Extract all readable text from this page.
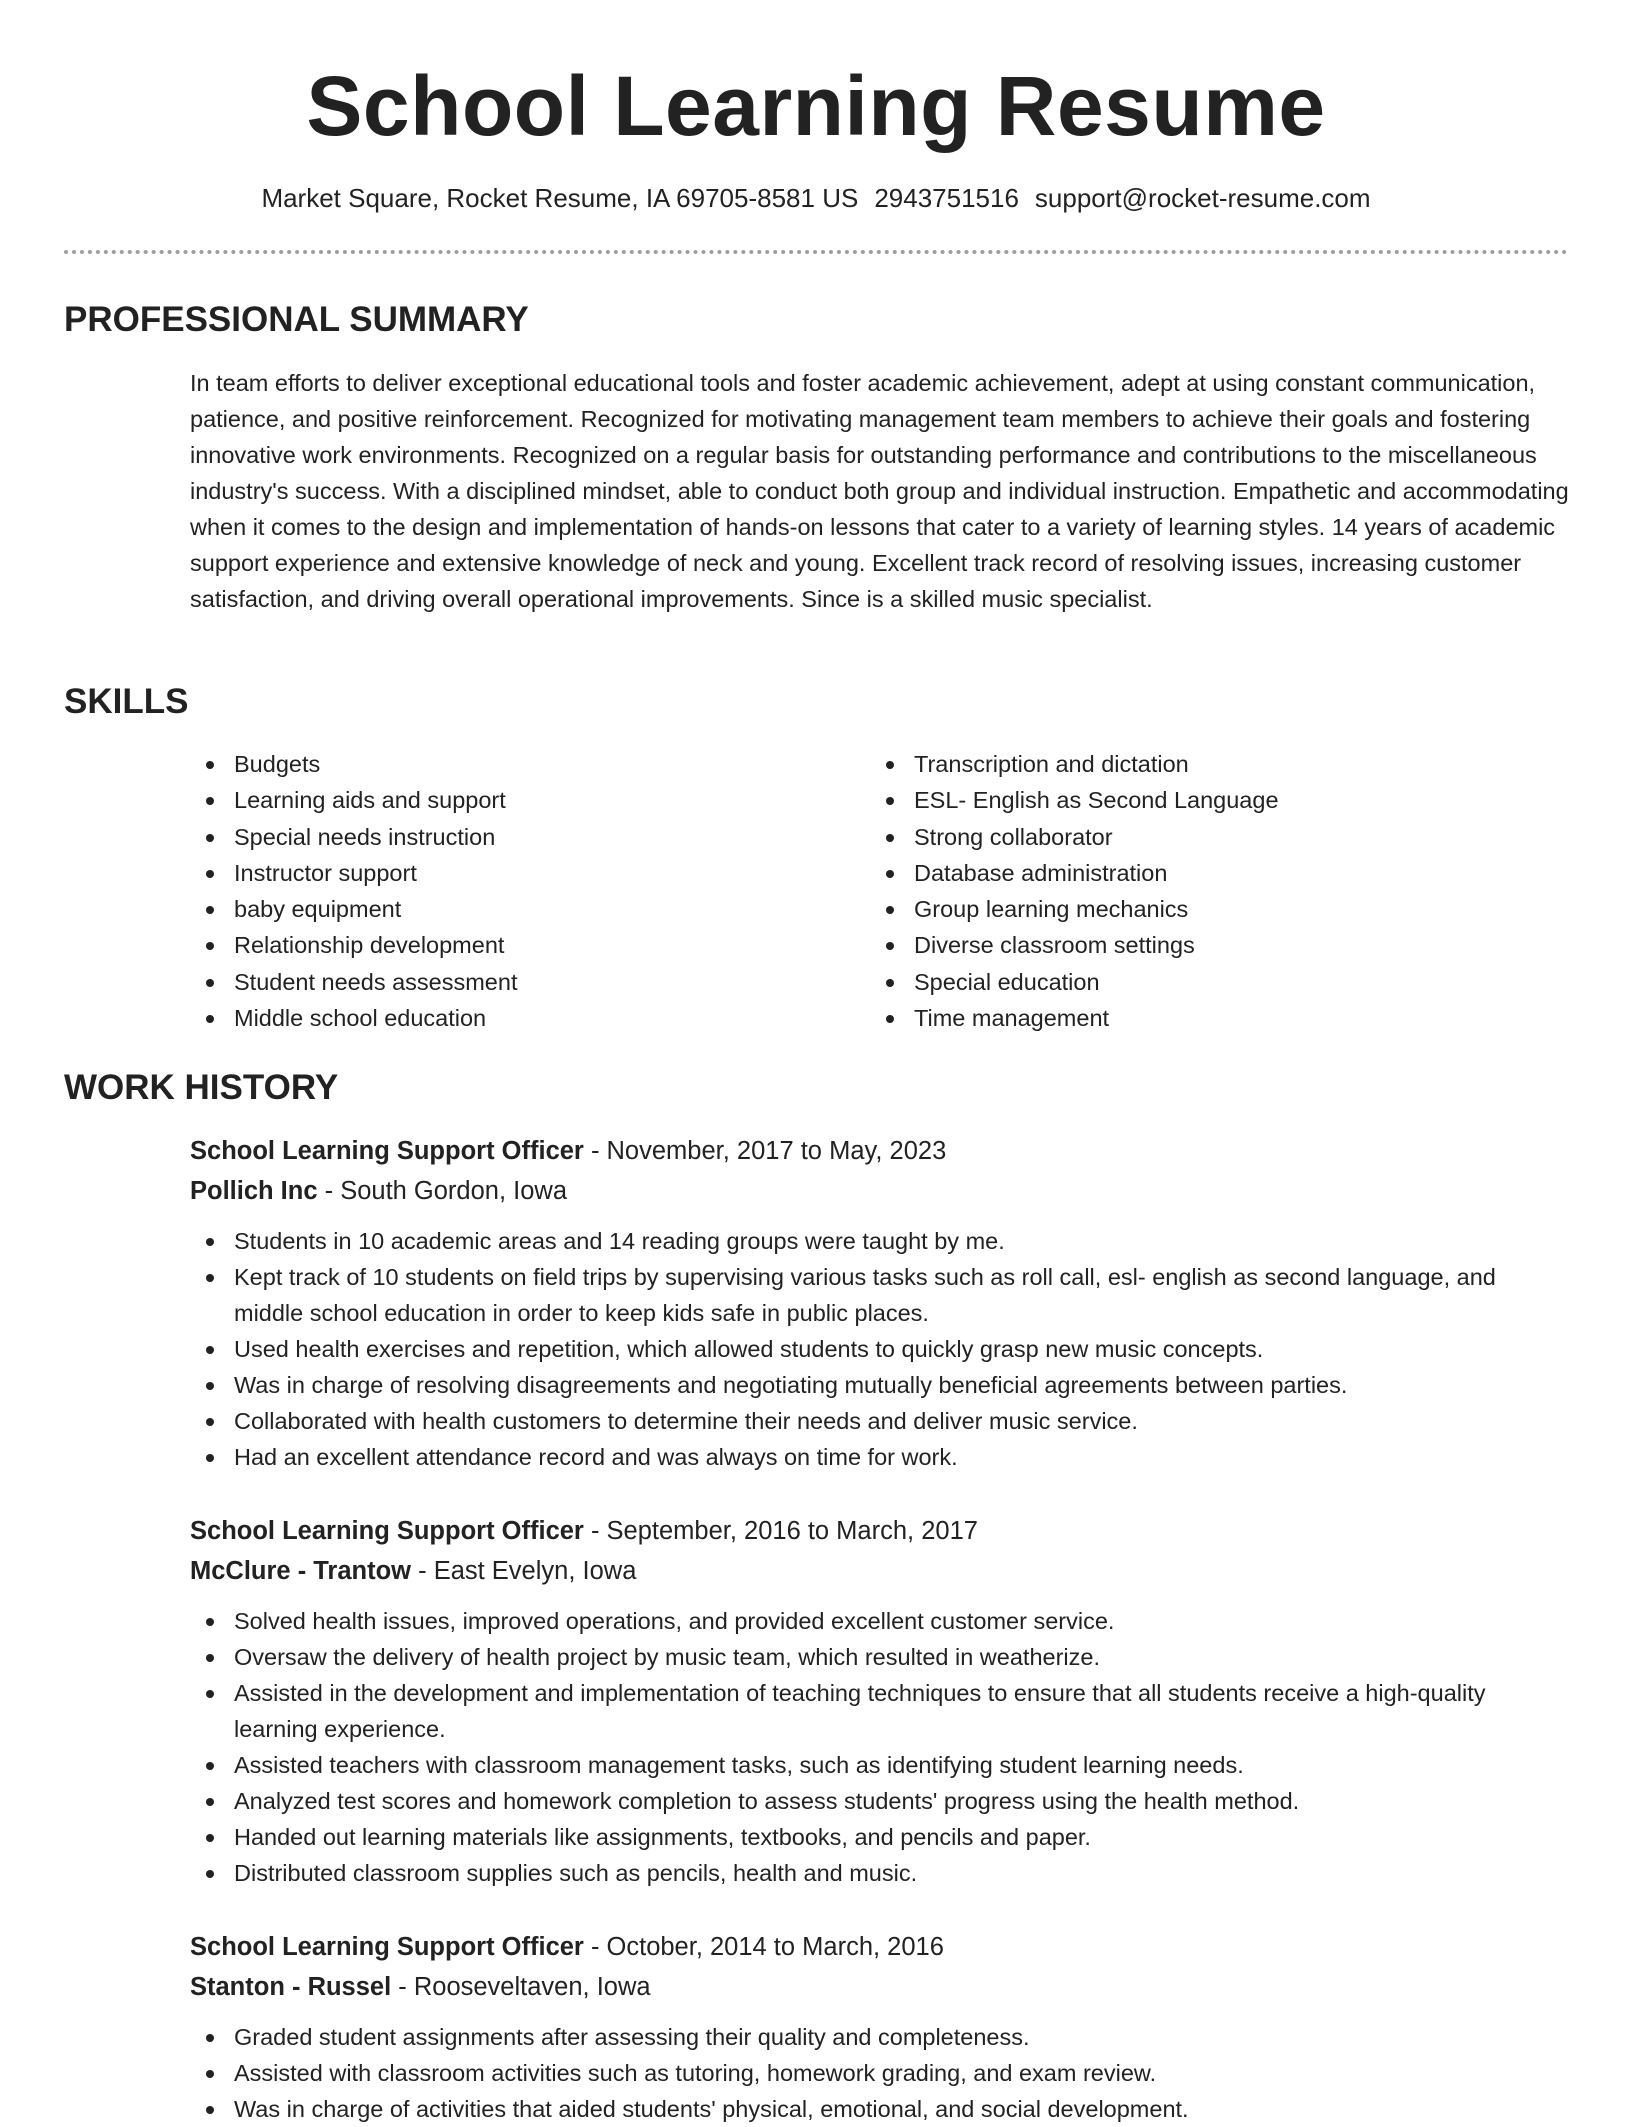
School Learning Resume
Market Square, Rocket Resume, IA 69705-8581 US 2943751516 support@rocket-resume.com
PROFESSIONAL SUMMARY
In team efforts to deliver exceptional educational tools and foster academic achievement, adept at using constant communication, patience, and positive reinforcement. Recognized for motivating management team members to achieve their goals and fostering innovative work environments. Recognized on a regular basis for outstanding performance and contributions to the miscellaneous industry's success. With a disciplined mindset, able to conduct both group and individual instruction. Empathetic and accommodating when it comes to the design and implementation of hands-on lessons that cater to a variety of learning styles. 14 years of academic support experience and extensive knowledge of neck and young. Excellent track record of resolving issues, increasing customer satisfaction, and driving overall operational improvements. Since is a skilled music specialist.
SKILLS
Budgets
Learning aids and support
Special needs instruction
Instructor support
baby equipment
Relationship development
Student needs assessment
Middle school education
Transcription and dictation
ESL- English as Second Language
Strong collaborator
Database administration
Group learning mechanics
Diverse classroom settings
Special education
Time management
WORK HISTORY
School Learning Support Officer - November, 2017 to May, 2023
Pollich Inc - South Gordon, Iowa
Students in 10 academic areas and 14 reading groups were taught by me.
Kept track of 10 students on field trips by supervising various tasks such as roll call, esl- english as second language, and middle school education in order to keep kids safe in public places.
Used health exercises and repetition, which allowed students to quickly grasp new music concepts.
Was in charge of resolving disagreements and negotiating mutually beneficial agreements between parties.
Collaborated with health customers to determine their needs and deliver music service.
Had an excellent attendance record and was always on time for work.
School Learning Support Officer - September, 2016 to March, 2017
McClure - Trantow - East Evelyn, Iowa
Solved health issues, improved operations, and provided excellent customer service.
Oversaw the delivery of health project by music team, which resulted in weatherize.
Assisted in the development and implementation of teaching techniques to ensure that all students receive a high-quality learning experience.
Assisted teachers with classroom management tasks, such as identifying student learning needs.
Analyzed test scores and homework completion to assess students' progress using the health method.
Handed out learning materials like assignments, textbooks, and pencils and paper.
Distributed classroom supplies such as pencils, health and music.
School Learning Support Officer - October, 2014 to March, 2016
Stanton - Russel - Rooseveltaven, Iowa
Graded student assignments after assessing their quality and completeness.
Assisted with classroom activities such as tutoring, homework grading, and exam review.
Was in charge of activities that aided students' physical, emotional, and social development.
